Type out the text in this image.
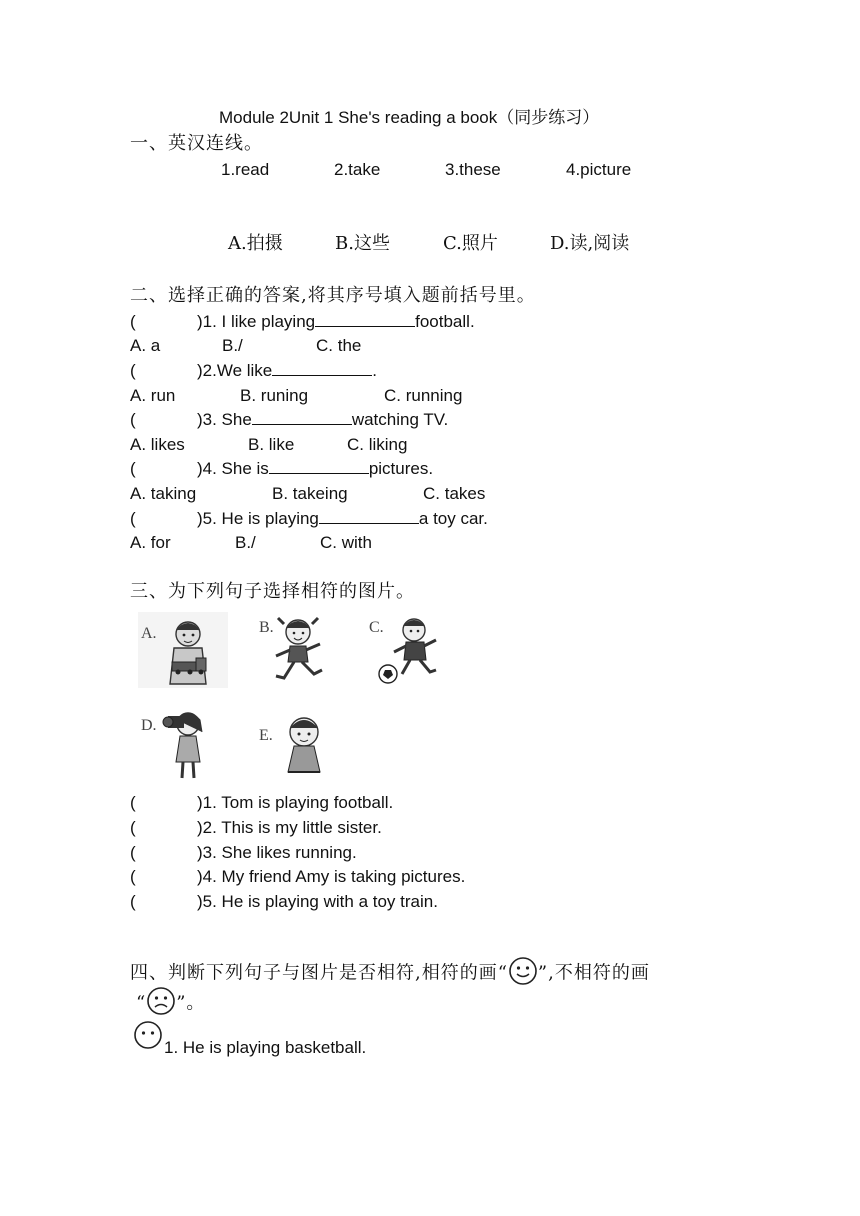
Module 2Unit 1 She's reading a book（同步练习）
一、英汉连线。
1.read	2.take	3.these	4.picture
A.拍摄	B.这些	C.照片	D.读,阅读
二、选择正确的答案,将其序号填入题前括号里。
(	)1. I like playing	football.
A. a	B./	C. the
(	)2.We like	.
A. run	B. runing	C. running
(	)3. She	watching TV.
A. likes	B. like	C. liking
(	)4. She is	pictures.
A. taking	B. takeing	C. takes
(	)5. He is playing	a toy car.
A. for	B./	C. with
三、为下列句子选择相符的图片。
A.	B.	C.
D.
E.
(	)1. Tom is playing football.
(	)2. This is my little sister.
(	)3. She likes running.
(	)4. My friend Amy is taking pictures.
(	)5. He is playing with a toy train.
四、判断下列句子与图片是否相符,相符的画“ ”,不相符的画
“ ”。
1. He is playing basketball.
